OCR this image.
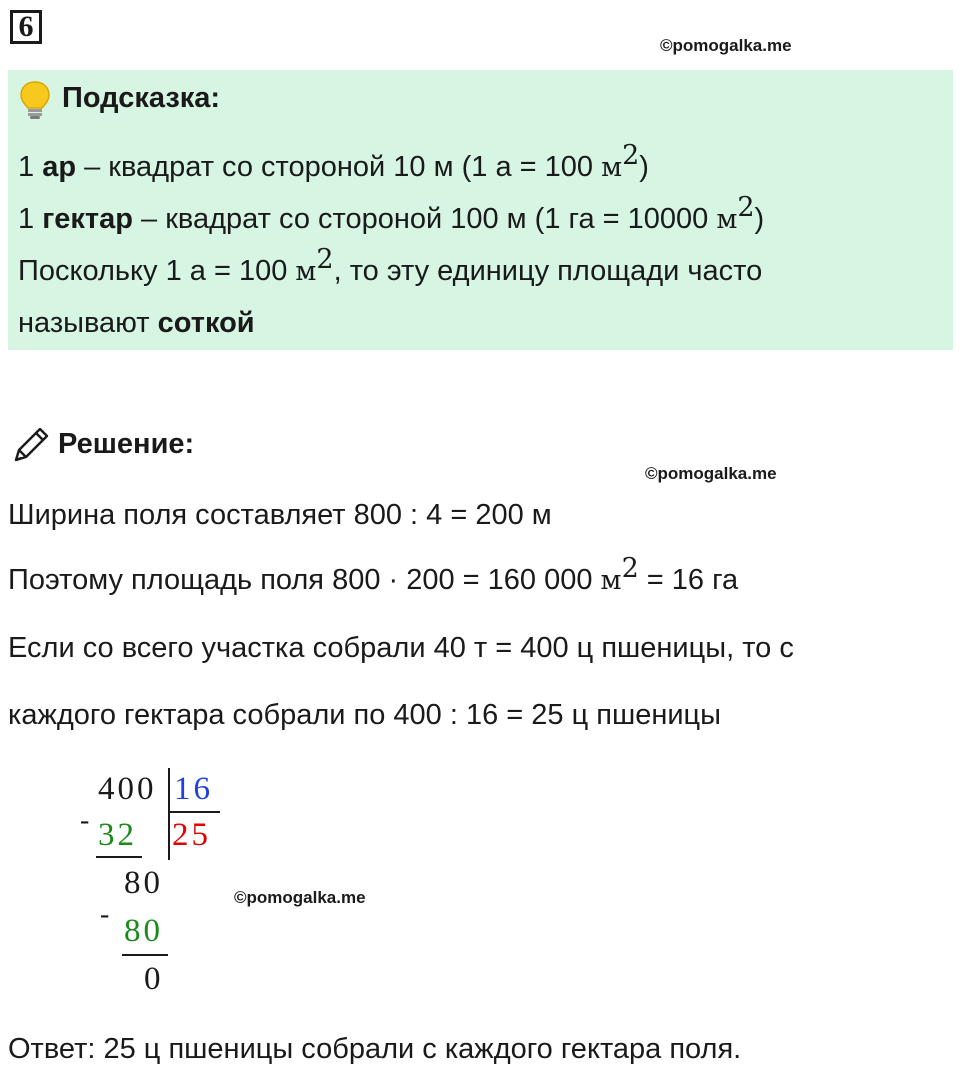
6
©pomogalka.me
Подсказка:
1 ар – квадрат со стороной 10 м (1 а = 100 $м^2$)
1 гектар – квадрат со стороной 100 м (1 га = 10000 $м^2$)
Поскольку 1 а = 100 $м^2$, то эту единицу площади часто
называют соткой
Решение:
©pomogalka.me
Ширина поля составляет 800 : 4 = 200 м
Поэтому площадь поля 800 · 200 = 160 000 $м^2 = 16$ га
Если со всего участка собрали 40 т = 400 ц пшеницы, то с
каждого гектара собрали по 400 : 16 = 25 ц пшеницы
-
400 16
25
32
80
- 80
0
©pomogalka.me
Ответ: 25 ц пшеницы собрали с каждого гектара поля.
